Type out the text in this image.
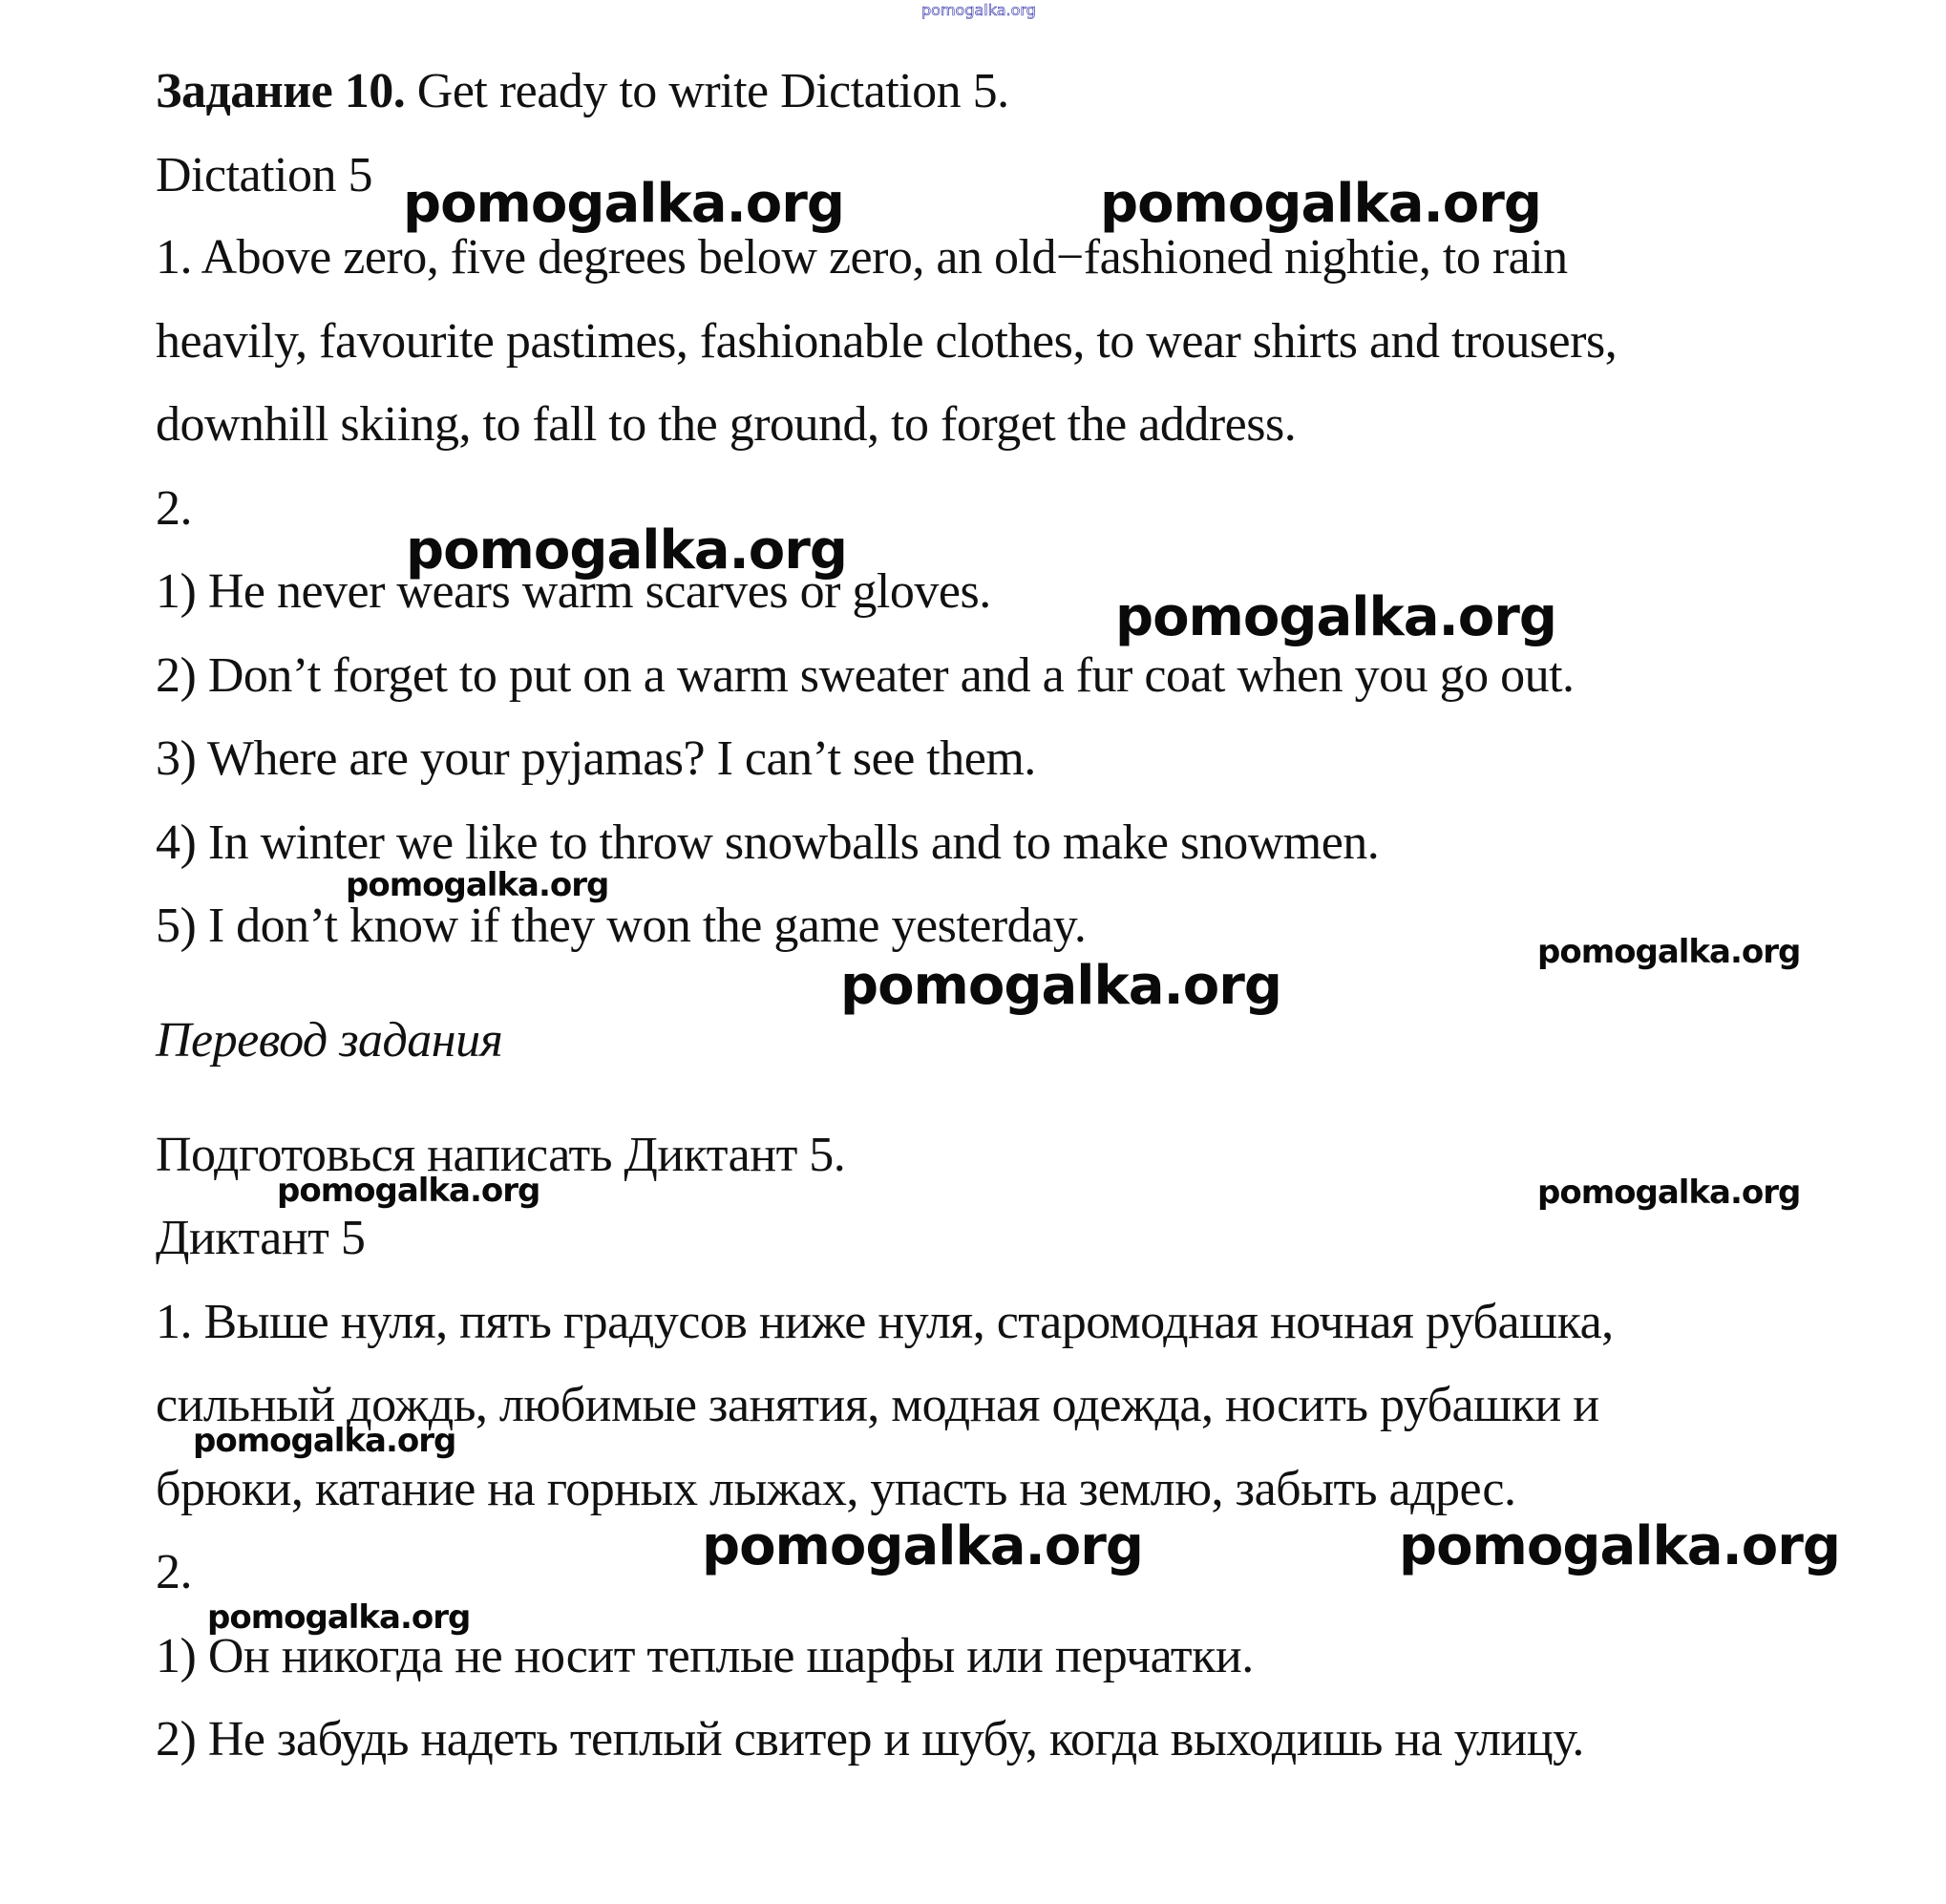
pomogalka.org
Задание 10. Get ready to write Dictation 5.
Dictation 5
1. Above zero, five degrees below zero, an old−fashioned nightie, to rain
heavily, favourite pastimes, fashionable clothes, to wear shirts and trousers,
downhill skiing, to fall to the ground, to forget the address.
2.
1) He never wears warm scarves or gloves.
2) Don’t forget to put on a warm sweater and a fur coat when you go out.
3) Where are your pyjamas? I can’t see them.
4) In winter we like to throw snowballs and to make snowmen.
5) I don’t know if they won the game yesterday.
Перевод задания
Подготовься написать Диктант 5.
Диктант 5
1. Выше нуля, пять градусов ниже нуля, старомодная ночная рубашка,
сильный дождь, любимые занятия, модная одежда, носить рубашки и
брюки, катание на горных лыжах, упасть на землю, забыть адрес.
2.
1) Он никогда не носит теплые шарфы или перчатки.
2) Не забудь надеть теплый свитер и шубу, когда выходишь на улицу.
pomogalka.org	pomogalka.org
pomogalka.org
pomogalka.org
pomogalka.org
pomogalka.org
pomogalka.org
pomogalka.org	pomogalka.org
pomogalka.org
pomogalka.org	pomogalka.org
pomogalka.org
